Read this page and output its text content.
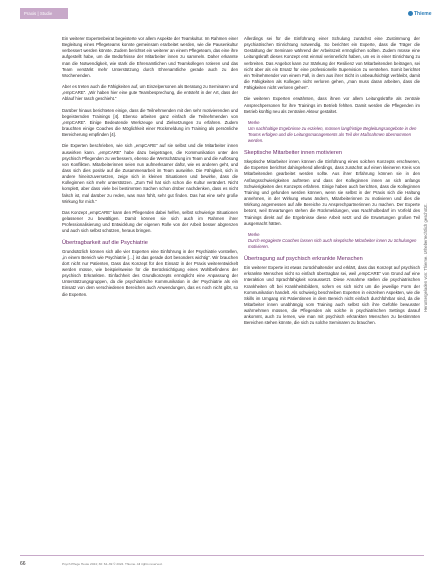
Praxis | Studie	Thieme

Ein weiterer Expertenbeirat begeisterte vor allem Aspekte der Teamkultur. Im Rahmen einer Begleitung eines Pflegeteams konnte gemeinsam erarbeitet werden, wie die Pausenkultur verbessert werden könnte. Zudem berichtet ein weiterer an einem Pflegeteam, das eine ihre aufgestellt habe, um die Bedürfnisse der Mitarbeiter innen zu sammeln. Daher erkannte man die Notwendigkeit, wie stark die Ehrenamtlichen und Teamkollegen rotieren und das Team verstärkt mehr Unterstützung durch Ehrenamtliche gerade auch zu den Wochenenden.

Aber es treten auch die Fähigkeiten auf, um Einzelpersonen als Beratung zu Seminaren und „empCARE“. „Wir haben hier eine gute Teambesprechung, die entsteht in der Art, dass der Ablauf hier rasch geschieht.“

Darüber hinaus berichteten einige, dass die Teilnehmenden mit den sehr motivierenden und begeisternden Trainings [4]. Ebenso arbeiten ganz einfach die Teilnehmenden von „empCARE“. Einige Bedeutende Werkzeuge und Zielsetzungen zu erfahren. Zudem brauchten einige Coaches die Möglichkeit einer Rückmeldung im Training als persönliche Bereicherung empfinden [4].

Die Experten beschrieben, wie sich „empCARE“ auf sie selbst und die Mitarbeiter innen auswirken kann. „empCARE“ habe dazu beigetragen, die Kommunikation unter den psychisch Pflegenden zu verbessern, ebenso die Wertschätzung im Team und die Auflösung von Konflikten. Mitarbeiterinnen seien nun aufmerksamer dafür, wie es anderen geht, und dass sich dies positiv auf die Zusammenarbeit im Team auswirke. Die Fähigkeit, sich in andere hineinzuversetzen, zeige sich in kleinen Situationen und bewirke, dass die Kolleginnen sich mehr unterstützen. „Zum Teil hat sich schon die Kultur verändert. Nicht komplett, aber dass viele bei bestimmten Sachen schon drüber nachdenken, dass es nicht falsch ist, mal darüber zu reden, was man fühlt, sehr gut finden. Das hat eine sehr große Wirkung für mich.“

Das Konzept „empCARE“ kann den Pflegenden dabei helfen, selbst schwierige Situationen gelassener zu bewältigen. Damit können sie sich auch im Rahmen ihrer Professionalisierung und Entwicklung der eigenen Rolle von der Arbeit besser abgrenzen und auch sich selbst schützen, heraus bringen.

Übertragbarkeit auf die Psychiatrie

Grundsätzlich können sich alle vier Experten eine Einführung in der Psychiatrie vorstellen, „in einem Bereich wie Psychiatrie […] ist das gerade dort besonders wichtig“. Wir brauchen dort nicht nur Patienten, Dass das Konzept für den Einsatz in der Praxis weiterentwickelt werden müsse, wie beispielsweise für die Berücksichtigung eines Wohlbefindens der psychisch Erkrankten. Einfachheit des Grundkonzepts ermöglicht eine Anpassung der Unterstützungsgruppen, da die psychiatrische Kommunikation in der Psychiatrie als ein Einsatz von dem verschiedenen Bereichen auch Anwendungen, das es noch nicht gibt, so die Experten.

Allerdings sei für die Einführung einer Schulung zunächst eine Zustimmung der psychiatrischen Einrichtung notwendig. So berichtet ein Experte, dass die Träger die Gestaltung der Seminare während der Arbeitszeit ermöglichen sollten. Zudem müsse eine Leitungskraft dieses Konzept erst einmal verinnerlicht haben, um es in einer Einrichtung zu verbreiten. Das Angebot kann zur Stärkung der Resilienz von Mitarbeitenden beitragen, sei nicht aber als ein Ersatz für eine professionelle Supervision zu verstehen. Somit berichtet ein Teilnehmender von einem Fall, in dem aus ihrer Sicht in unbeaufsichtigt verbleibt, damit die Fähigkeiten als Kollegen nicht verloren gehen, „man muss daran arbeiten, dass die Fähigkeiten nicht verloren gehen“.

Die weiteren Experten erwähnten, dass ihnen vor allem Leitungskräfte als zentrale Ansprechpersonen für ihre Trainings im Betrieb fehlten. Damit werden die Pflegenden im Betrieb künftig neu als zentralen Akteur gestaltet.

Merke

Um nachhaltige Ergebnisse zu erzielen, müssen langfristige Begleitungsangebote in den Teams erfolgen und die Leitungsmanagements als Teil der Maßnahmen übernommen werden.

Skeptische Mitarbeiter innen motivieren

Skeptische Mitarbeiter innen können die Einführung eines solchen Konzepts erschweren, die Experten berichtet dahingehend allerdings, dass zunächst auf einen kleineren Kreis von Mitarbeitenden gearbeitet werden sollte. Aus ihrer Erfahrung können sie in den Anfangsschwierigkeiten auftreten und dass der Kolleginnen innen an sich anfangs Schwierigkeiten des Konzepts erfahren. Einige haben auch berichten, dass die Kolleginnen Training und gefunden werden können, wenn sie selbst in der Praxis sich die Haltung annehmen, in der Wirkung etwas ändern, Mitarbeiterinnen zu motivieren und dies die Wirkung angemessen auf alle Bereiche zu Ansprechpartnerinnen zu machen. Der Experte betont, weil Erwartungen stehen die Rückmeldungen, was Nachholbedarf im Vorfeld des Trainings direkt auf die Ergebnisse diese Arbeit setzt und die Erwartungen großen Teil ausgemacht hätten.

Merke

Durch engagierte Coaches lassen sich auch skeptische Mitarbeiter innen zu Schulungen motivieren.

Übertragung auf psychisch erkrankte Menschen

Ein weiterer Experte ist etwas zurückhaltender und erklärt, dass das Konzept auf psychisch erkrankte Menschen nicht so einfach übertragbar sei, weil „empCARE“ von Grund auf eine Interaktion und Sprachfähigkeit voraussetzt. Diese Annahme stellen die psychiatrischen Krankheiten oft bei Krankheitsbildern, sofern es sich nicht um die jeweilige Form der Kommunikation handelt. Als schwierig beschreiben Experten in einzelnen Aspekten, wie die Skills im Umgang mit Patientinnen in dem Bereich nicht einfach durchführbar sind, da die Mitarbeiter innen unabhängig vom Training auch selbst sich ihre Gefühle bewusster wahrnehmen müssen, die Pflegenden als solche in psychiatrischen Settings darauf ankommt, auch zu lernen, wie man mit psychisch erkrankten Menschen zu bestimmten Bereichen stehen könnte, die sich zu solche Seminaren zu brauchen.

Heruntergeladen von: Thieme. Urheberrechtlich geschützt.
66	Psych Pflege Heute 2024; 30: 64–69 © 2024. Thieme. All rights reserved.
